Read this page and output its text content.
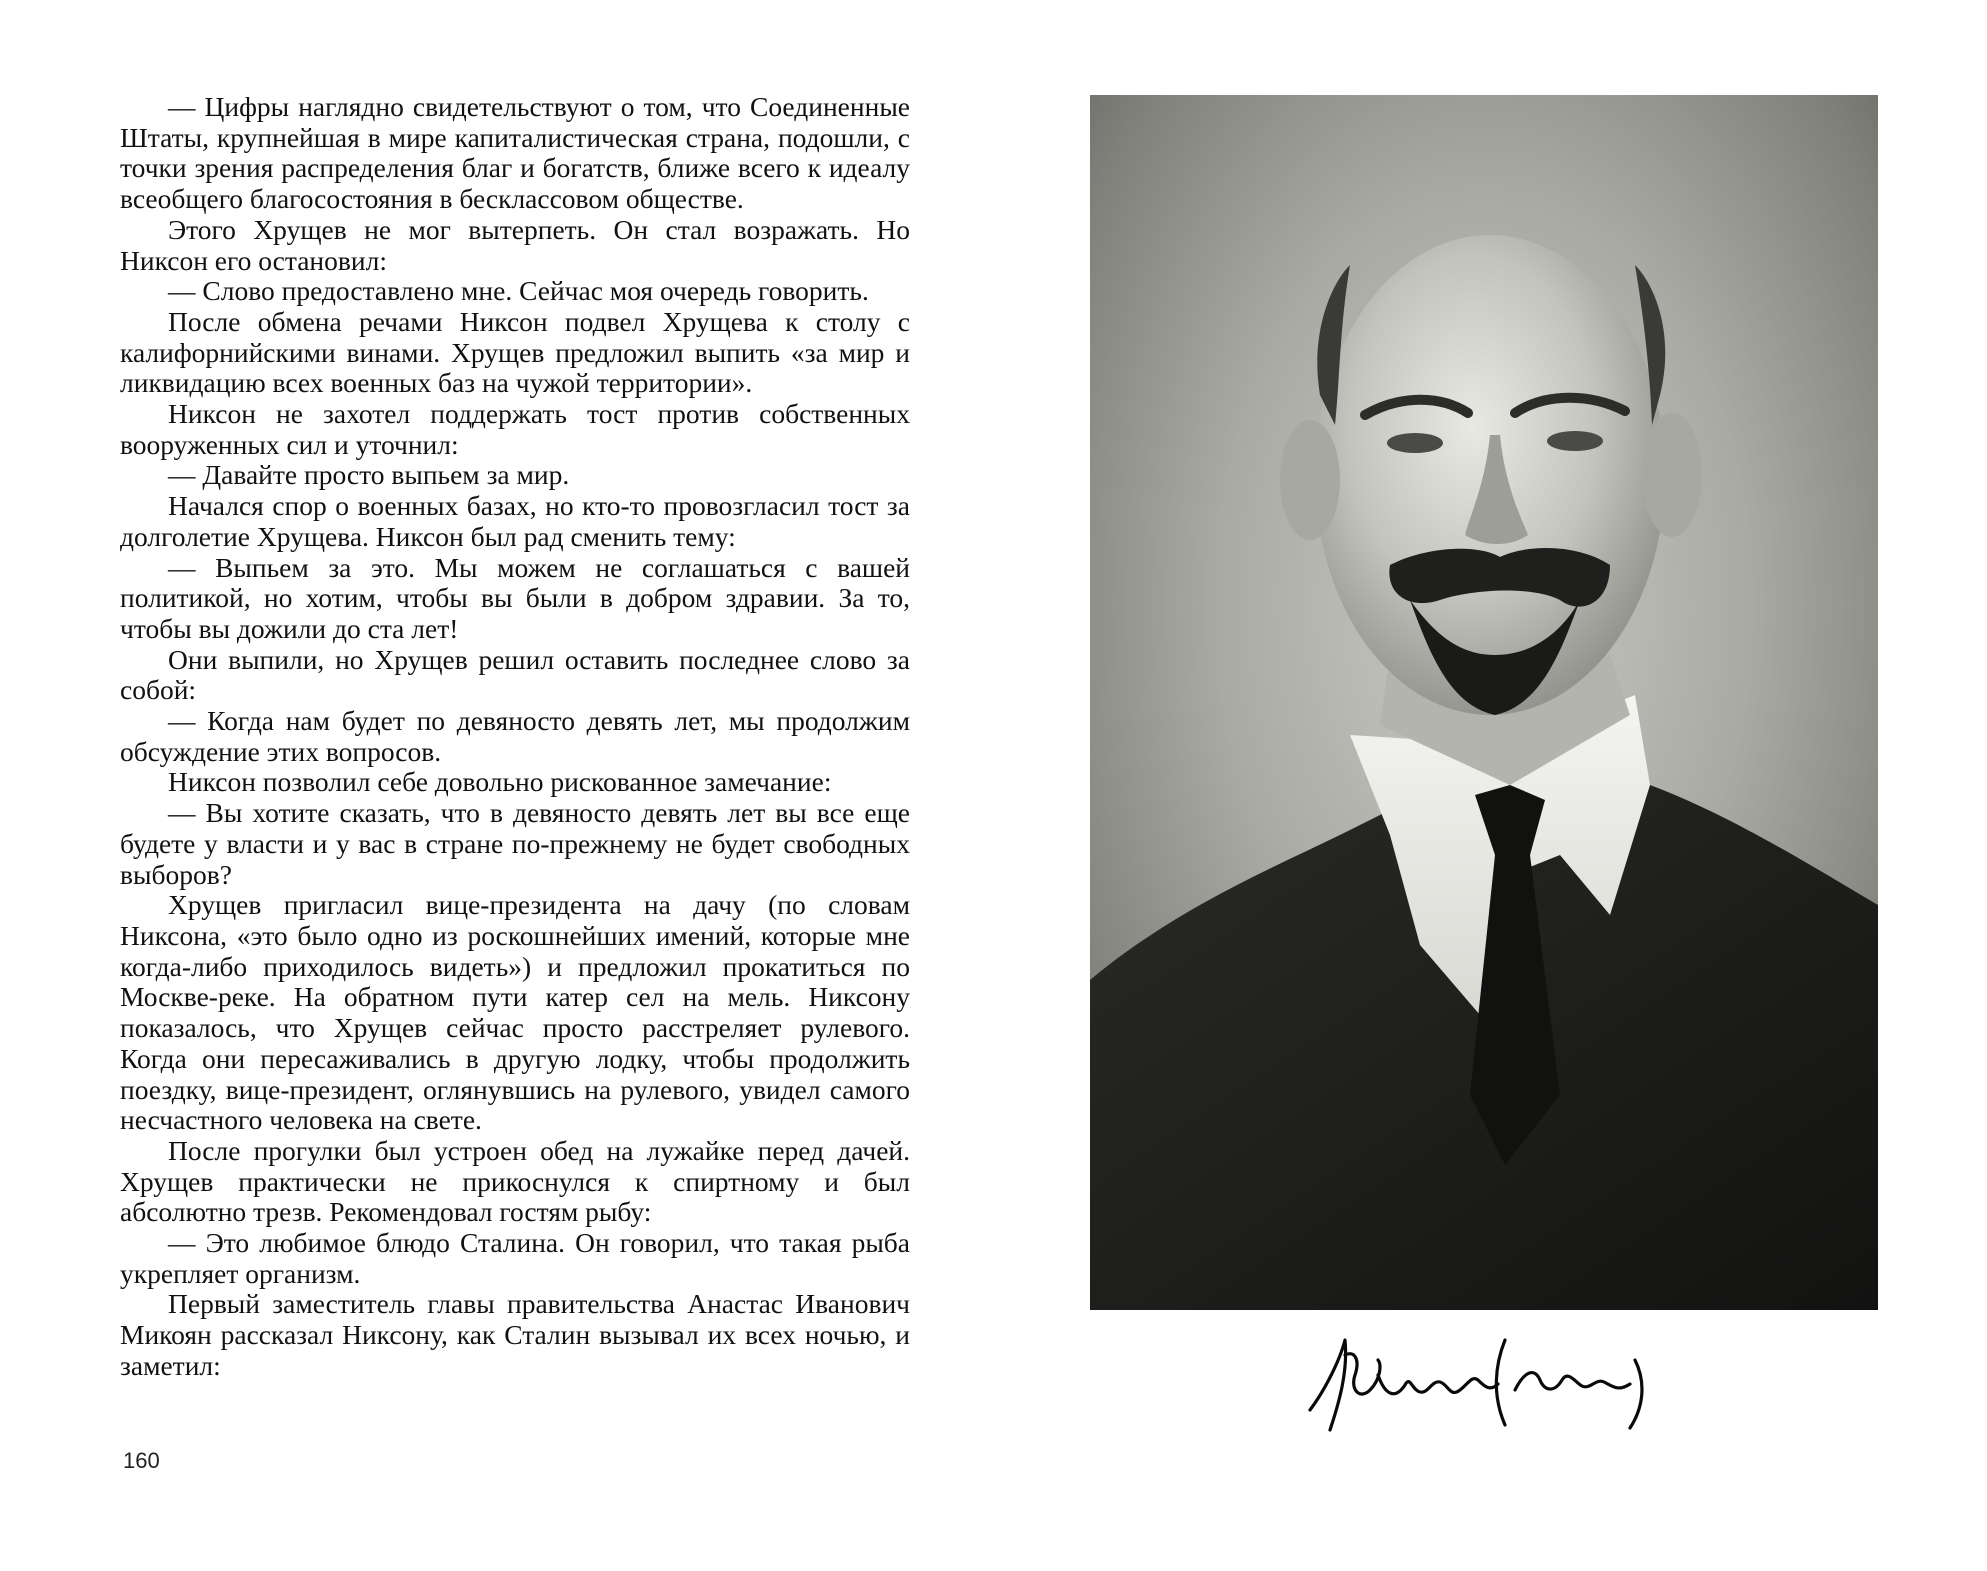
— Цифры наглядно свидетельствуют о том, что Соединенные Штаты, крупнейшая в мире капиталистическая страна, подошли, с точки зрения распределения благ и богатств, ближе всего к идеалу всеобщего благосостояния в бесклассовом обществе.

Этого Хрущев не мог вытерпеть. Он стал возражать. Но Никсон его остановил:

— Слово предоставлено мне. Сейчас моя очередь говорить.

После обмена речами Никсон подвел Хрущева к столу с калифорнийскими винами. Хрущев предложил выпить «за мир и ликвидацию всех военных баз на чужой территории».

Никсон не захотел поддержать тост против собственных вооруженных сил и уточнил:

— Давайте просто выпьем за мир.

Начался спор о военных базах, но кто-то провозгласил тост за долголетие Хрущева. Никсон был рад сменить тему:

— Выпьем за это. Мы можем не соглашаться с вашей политикой, но хотим, чтобы вы были в добром здравии. За то, чтобы вы дожили до ста лет!

Они выпили, но Хрущев решил оставить последнее слово за собой:

— Когда нам будет по девяносто девять лет, мы продолжим обсуждение этих вопросов.

Никсон позволил себе довольно рискованное замечание:

— Вы хотите сказать, что в девяносто девять лет вы все еще будете у власти и у вас в стране по-прежнему не будет свободных выборов?

Хрущев пригласил вице-президента на дачу (по словам Никсона, «это было одно из роскошнейших имений, которые мне когда-либо приходилось видеть») и предложил прокатиться по Москве-реке. На обратном пути катер сел на мель. Никсону показалось, что Хрущев сейчас просто расстреляет рулевого. Когда они пересаживались в другую лодку, чтобы продолжить поездку, вице-президент, оглянувшись на рулевого, увидел самого несчастного человека на свете.

После прогулки был устроен обед на лужайке перед дачей. Хрущев практически не прикоснулся к спиртному и был абсолютно трезв. Рекомендовал гостям рыбу:

— Это любимое блюдо Сталина. Он говорил, что такая рыба укрепляет организм.

Первый заместитель главы правительства Анастас Иванович Микоян рассказал Никсону, как Сталин вызывал их всех ночью, и заметил:

160
